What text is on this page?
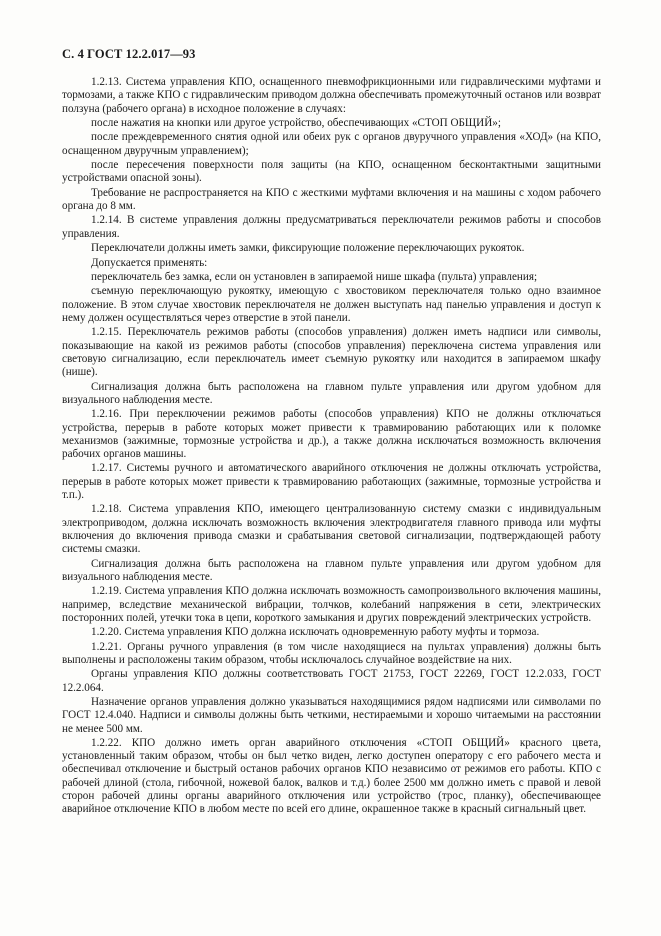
С. 4 ГОСТ 12.2.017—93

1.2.13. Система управления КПО, оснащенного пневмофрикционными или гидравлическими муфтами и тормозами, а также КПО с гидравлическим приводом должна обеспечивать промежуточный останов или возврат ползуна (рабочего органа) в исходное положение в случаях:

после нажатия на кнопки или другое устройство, обеспечивающих «СТОП ОБЩИЙ»;

после преждевременного снятия одной или обеих рук с органов двуручного управления «ХОД» (на КПО, оснащенном двуручным управлением);

после пересечения поверхности поля защиты (на КПО, оснащенном бесконтактными защитными устройствами опасной зоны).

Требование не распространяется на КПО с жесткими муфтами включения и на машины с ходом рабочего органа до 8 мм.

1.2.14. В системе управления должны предусматриваться переключатели режимов работы и способов управления.

Переключатели должны иметь замки, фиксирующие положение переключающих рукояток.

Допускается применять:

переключатель без замка, если он установлен в запираемой нише шкафа (пульта) управления;

съемную переключающую рукоятку, имеющую с хвостовиком переключателя только одно взаимное положение. В этом случае хвостовик переключателя не должен выступать над панелью управления и доступ к нему должен осуществляться через отверстие в этой панели.

1.2.15. Переключатель режимов работы (способов управления) должен иметь надписи или символы, показывающие на какой из режимов работы (способов управления) переключена система управления или световую сигнализацию, если переключатель имеет съемную рукоятку или находится в запираемом шкафу (нише).

Сигнализация должна быть расположена на главном пульте управления или другом удобном для визуального наблюдения месте.

1.2.16. При переключении режимов работы (способов управления) КПО не должны отключаться устройства, перерыв в работе которых может привести к травмированию работающих или к поломке механизмов (зажимные, тормозные устройства и др.), а также должна исключаться возможность включения рабочих органов машины.

1.2.17. Системы ручного и автоматического аварийного отключения не должны отключать устройства, перерыв в работе которых может привести к травмированию работающих (зажимные, тормозные устройства и т.п.).

1.2.18. Система управления КПО, имеющего централизованную систему смазки с индивидуальным электроприводом, должна исключать возможность включения электродвигателя главного привода или муфты включения до включения привода смазки и срабатывания световой сигнализации, подтверждающей работу системы смазки.

Сигнализация должна быть расположена на главном пульте управления или другом удобном для визуального наблюдения месте.

1.2.19. Система управления КПО должна исключать возможность самопроизвольного включения машины, например, вследствие механической вибрации, толчков, колебаний напряжения в сети, электрических посторонних полей, утечки тока в цепи, короткого замыкания и других повреждений электрических устройств.

1.2.20. Система управления КПО должна исключать одновременную работу муфты и тормоза.

1.2.21. Органы ручного управления (в том числе находящиеся на пультах управления) должны быть выполнены и расположены таким образом, чтобы исключалось случайное воздействие на них.

Органы управления КПО должны соответствовать ГОСТ 21753, ГОСТ 22269, ГОСТ 12.2.033, ГОСТ 12.2.064.

Назначение органов управления должно указываться находящимися рядом надписями или символами по ГОСТ 12.4.040. Надписи и символы должны быть четкими, нестираемыми и хорошо читаемыми на расстоянии не менее 500 мм.

1.2.22. КПО должно иметь орган аварийного отключения «СТОП ОБЩИЙ» красного цвета, установленный таким образом, чтобы он был четко виден, легко доступен оператору с его рабочего места и обеспечивал отключение и быстрый останов рабочих органов КПО независимо от режимов его работы. КПО с рабочей длиной (стола, гибочной, ножевой балок, валков и т.д.) более 2500 мм должно иметь с правой и левой сторон рабочей длины органы аварийного отключения или устройство (трос, планку), обеспечивающее аварийное отключение КПО в любом месте по всей его длине, окрашенное также в красный сигнальный цвет.
